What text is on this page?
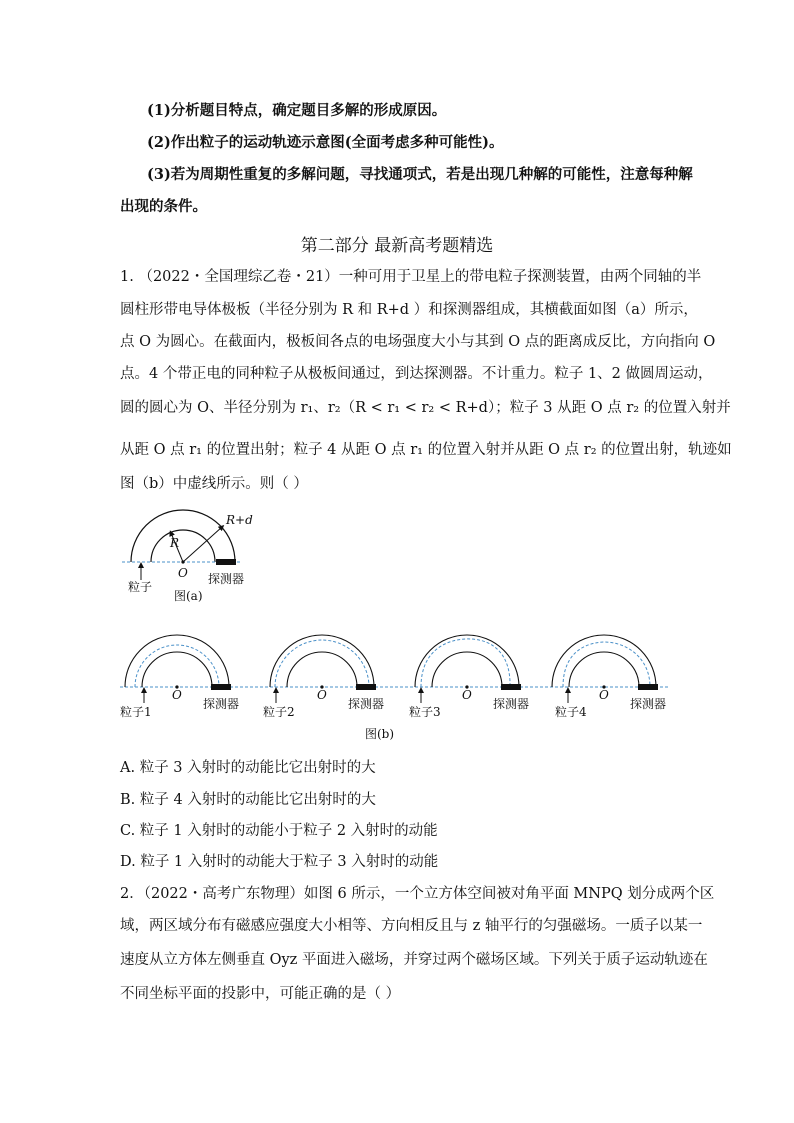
(1)分析题目特点，确定题目多解的形成原因。
(2)作出粒子的运动轨迹示意图(全面考虑多种可能性)。
(3)若为周期性重复的多解问题，寻找通项式，若是出现几种解的可能性，注意每种解
出现的条件。
第二部分 最新高考题精选
1. （2022・全国理综乙卷・21）一种可用于卫星上的带电粒子探测装置，由两个同轴的半
圆柱形带电导体极板（半径分别为 R 和 R+d ）和探测器组成，其横截面如图（a）所示，
点 O 为圆心。在截面内，极板间各点的电场强度大小与其到 O 点的距离成反比，方向指向 O
点。4 个带正电的同种粒子从极板间通过，到达探测器。不计重力。粒子 1、2 做圆周运动，
圆的圆心为 O、半径分别为 r₁、r₂（R < r₁ < r₂ < R+d）；粒子 3 从距 O 点 r₂ 的位置入射并
从距 O 点 r₁ 的位置出射；粒子 4 从距 O 点 r₁ 的位置入射并从距 O 点 r₂ 的位置出射，轨迹如
图（b）中虚线所示。则（ ）
R+d
R
O
粒子
探测器
图(a)
O
粒子1
探测器
O
粒子2
探测器
O
粒子3
探测器
O
粒子4
探测器
图(b)
A. 粒子 3 入射时的动能比它出射时的大
B. 粒子 4 入射时的动能比它出射时的大
C. 粒子 1 入射时的动能小于粒子 2 入射时的动能
D. 粒子 1 入射时的动能大于粒子 3 入射时的动能
2．（2022・高考广东物理）如图 6 所示，一个立方体空间被对角平面 MNPQ 划分成两个区
域，两区域分布有磁感应强度大小相等、方向相反且与 z 轴平行的匀强磁场。一质子以某一
速度从立方体左侧垂直 Oyz 平面进入磁场，并穿过两个磁场区域。下列关于质子运动轨迹在
不同坐标平面的投影中，可能正确的是（ ）
